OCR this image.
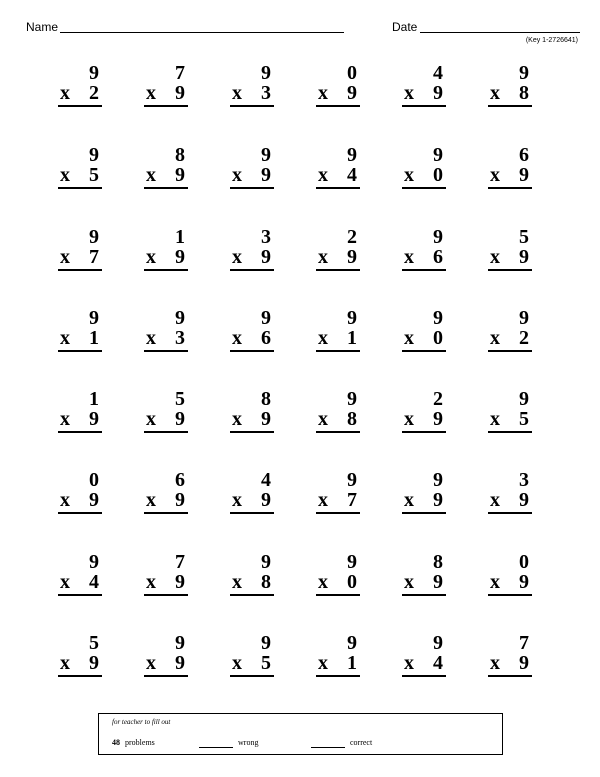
Name	Date
(Key 1-2726641)
9
x 2
7
x 9
9
x 3
0
x 9
4
x 9
9
x 8
9
x 5
8
x 9
9
x 9
9
x 4
9
x 0
6
x 9
9
x 7
1
x 9
3
x 9
2
x 9
9
x 6
5
x 9
9
x 1
9
x 3
9
x 6
9
x 1
9
x 0
9
x 2
1
x 9
5
x 9
8
x 9
9
x 8
2
x 9
9
x 5
0
x 9
6
x 9
4
x 9
9
x 7
9
x 9
3
x 9
9
x 4
7
x 9
9
x 8
9
x 0
8
x 9
0
x 9
5
x 9
9
x 9
9
x 5
9
x 1
9
x 4
7
x 9
for teacher to fill out
48 problems	wrong	correct
